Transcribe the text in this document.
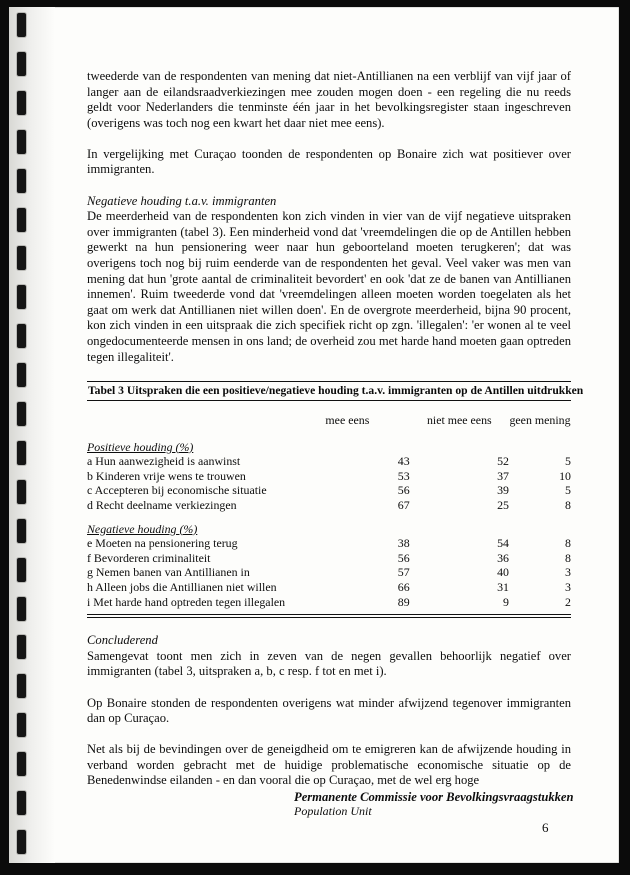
tweederde van de respondenten van mening dat niet-Antillianen na een verblijf van vijf jaar of langer aan de eilandsraadverkiezingen mee zouden mogen doen - een regeling die nu reeds geldt voor Nederlanders die tenminste één jaar in het bevolkingsregister staan ingeschreven (overigens was toch nog een kwart het daar niet mee eens).

In vergelijking met Curaçao toonden de respondenten op Bonaire zich wat positiever over immigranten.

Negatieve houding t.a.v. immigranten

De meerderheid van de respondenten kon zich vinden in vier van de vijf negatieve uitspraken over immigranten (tabel 3). Een minderheid vond dat 'vreemdelingen die op de Antillen hebben gewerkt na hun pensionering weer naar hun geboorteland moeten terugkeren'; dat was overigens toch nog bij ruim eenderde van de respondenten het geval. Veel vaker was men van mening dat hun 'grote aantal de criminaliteit bevordert' en ook 'dat ze de banen van Antillianen innemen'. Ruim tweederde vond dat 'vreemdelingen alleen moeten worden toegelaten als het gaat om werk dat Antillianen niet willen doen'. En de overgrote meerderheid, bijna 90 procent, kon zich vinden in een uitspraak die zich specifiek richt op zgn. 'illegalen': 'er wonen al te veel ongedocumenteerde mensen in ons land; de overheid zou met harde hand moeten gaan optreden tegen illegaliteit'.

Tabel 3 Uitspraken die een positieve/negatieve houding t.a.v. immigranten op de Antillen uitdrukken
	mee eens	niet mee eens	geen mening
Positieve houding (%)			
a Hun aanwezigheid is aanwinst	43	52	5
b Kinderen vrije wens te trouwen	53	37	10
c Accepteren bij economische situatie	56	39	5
d Recht deelname verkiezingen	67	25	8

Negatieve houding (%)			
e Moeten na pensionering terug	38	54	8
f Bevorderen criminaliteit	56	36	8
g Nemen banen van Antillianen in	57	40	3
h Alleen jobs die Antillianen niet willen	66	31	3
i Met harde hand optreden tegen illegalen	89	9	2

Concluderend

Samengevat toont men zich in zeven van de negen gevallen behoorlijk negatief over immigranten (tabel 3, uitspraken a, b, c resp. f tot en met i).

Op Bonaire stonden de respondenten overigens wat minder afwijzend tegenover immigranten dan op Curaçao.

Net als bij de bevindingen over de geneigdheid om te emigreren kan de afwijzende houding in verband worden gebracht met de huidige problematische economische situatie op de Benedenwindse eilanden - en dan vooral die op Curaçao, met de wel erg hoge

Permanente Commissie voor Bevolkingsvraagstukken
Population Unit
6
